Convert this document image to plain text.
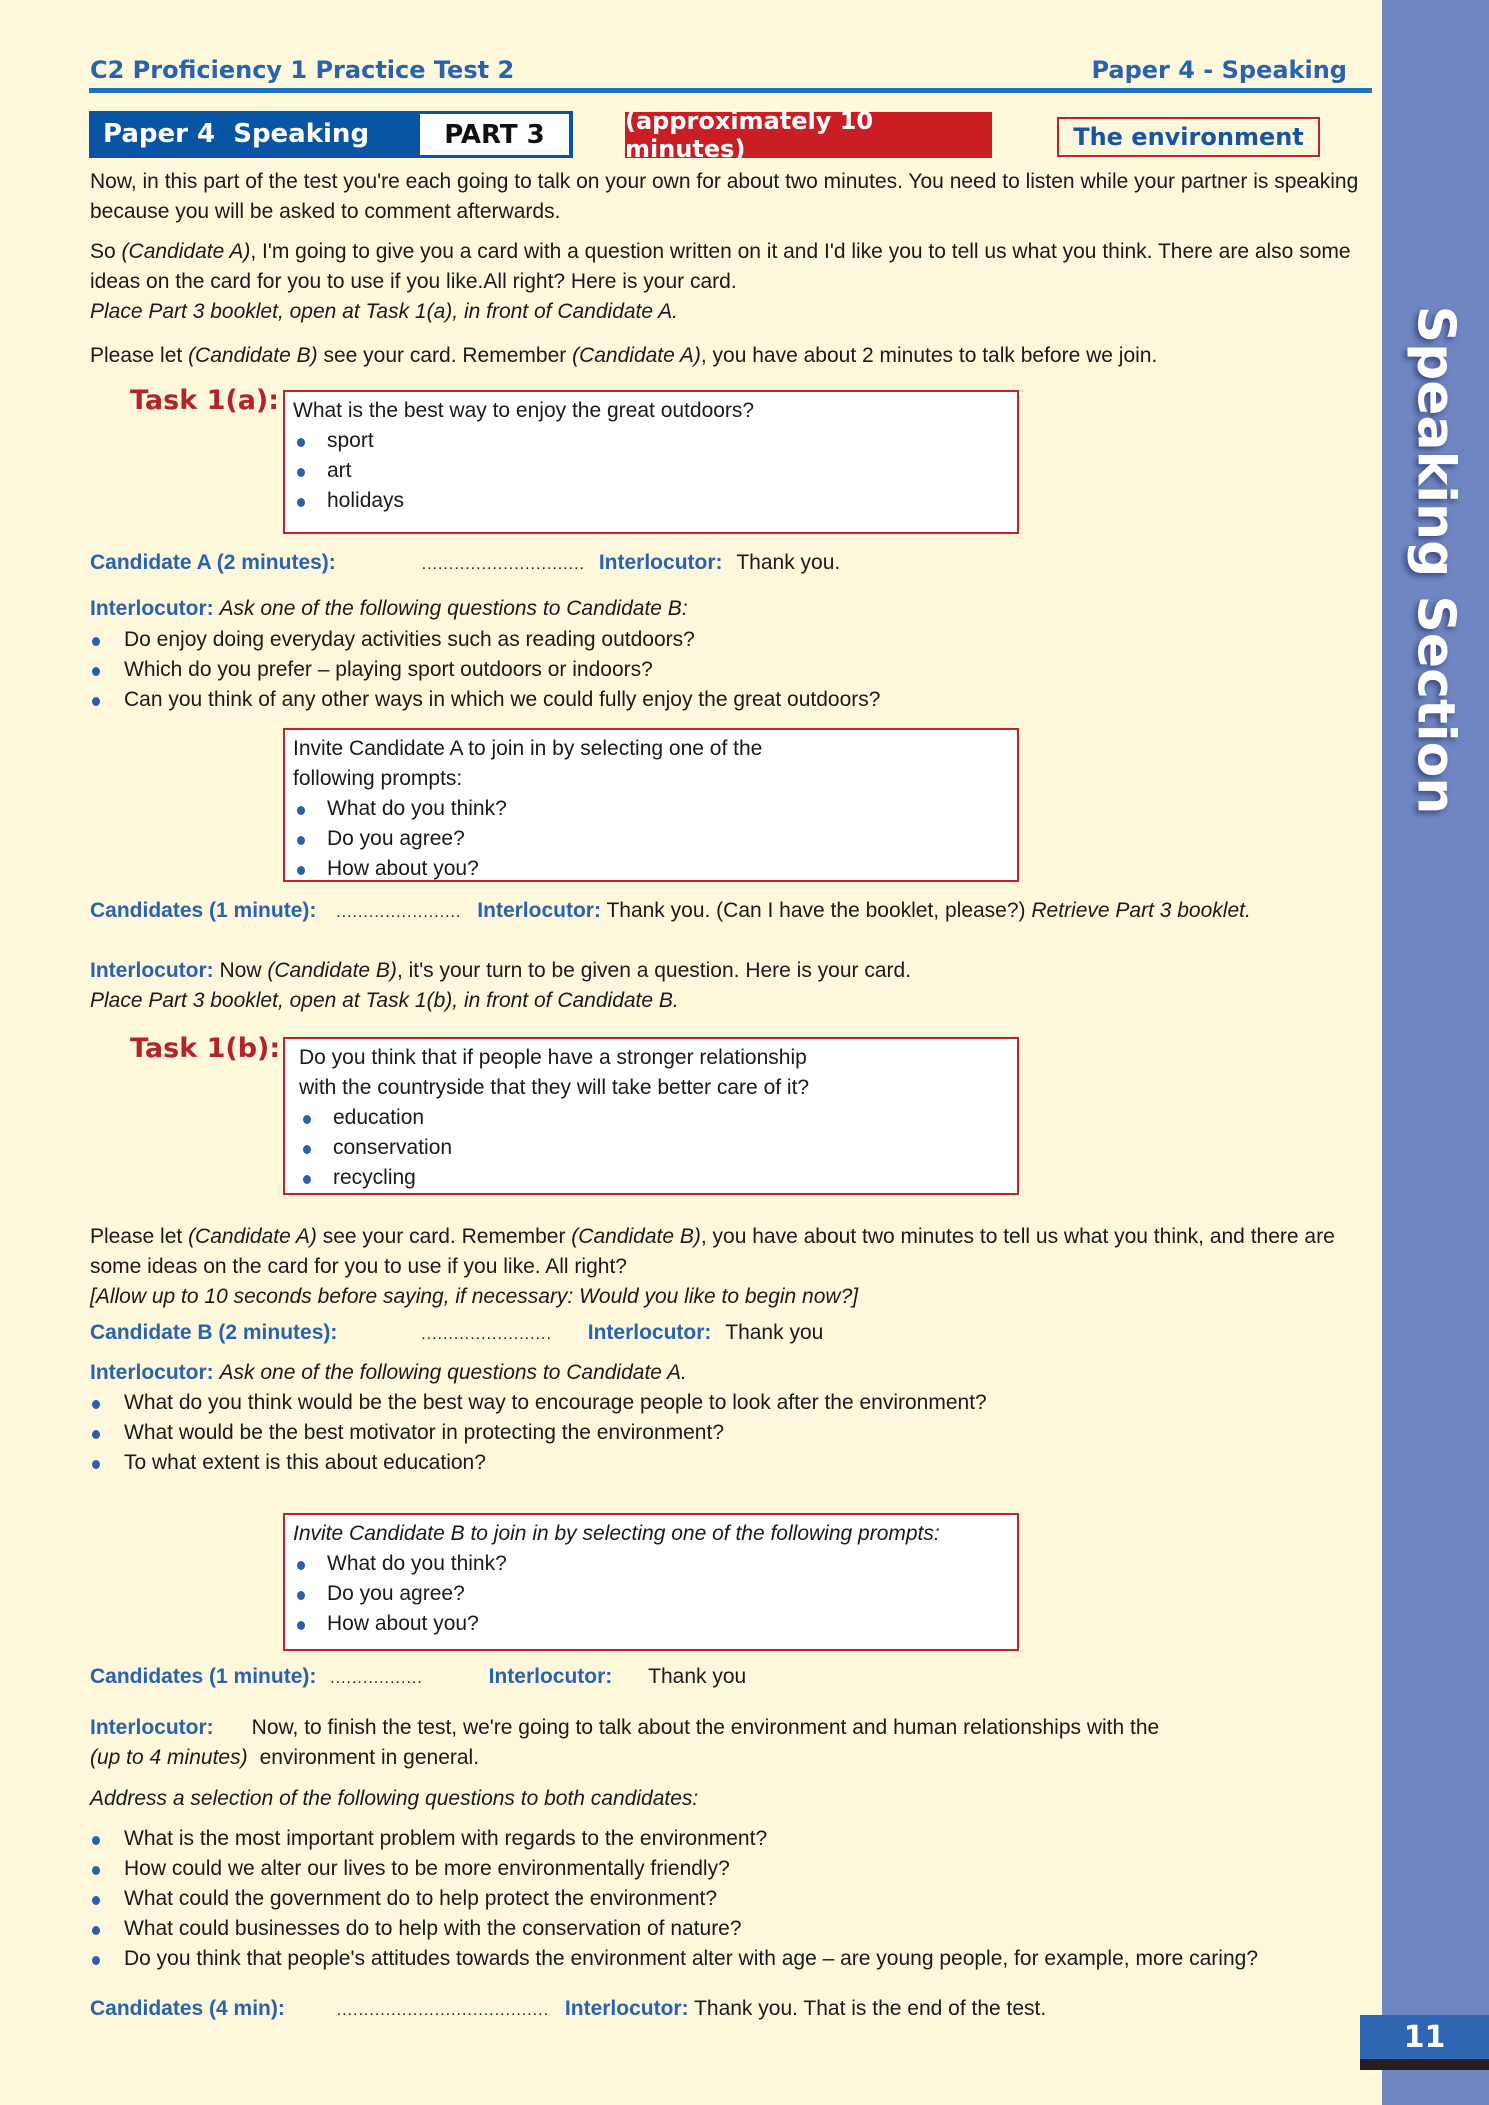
C2 Proficiency 1 Practice Test 2	Paper 4 - Speaking
Speaking Section
11
Paper 4  Speaking	PART 3	(approximately 10 minutes)	The environment
Now, in this part of the test you're each going to talk on your own for about two minutes. You need to listen while your partner is speaking because you will be asked to comment afterwards.
So (Candidate A), I'm going to give you a card with a question written on it and I'd like you to tell us what you think. There are also some ideas on the card for you to use if you like.All right? Here is your card.
Place Part 3 booklet, open at Task 1(a), in front of Candidate A.
Please let (Candidate B) see your card. Remember (Candidate A), you have about 2 minutes to talk before we join.
Task 1(a): What is the best way to enjoy the great outdoors?
sport
art
holidays
Candidate A (2 minutes):	.............................. Interlocutor: Thank you.
Interlocutor: Ask one of the following questions to Candidate B:
Do enjoy doing everyday activities such as reading outdoors?
Which do you prefer – playing sport outdoors or indoors?
Can you think of any other ways in which we could fully enjoy the great outdoors?
Invite Candidate A to join in by selecting one of the
following prompts:
What do you think?
Do you agree?
How about you?
Candidates (1 minute): ....................... Interlocutor: Thank you. (Can I have the booklet, please?) Retrieve Part 3 booklet.
Interlocutor: Now (Candidate B), it's your turn to be given a question. Here is your card.
Place Part 3 booklet, open at Task 1(b), in front of Candidate B.
Task 1(b): Do you think that if people have a stronger relationship
with the countryside that they will take better care of it?
education
conservation
recycling
Please let (Candidate A) see your card. Remember (Candidate B), you have about two minutes to tell us what you think, and there are some ideas on the card for you to use if you like. All right?
[Allow up to 10 seconds before saying, if necessary: Would you like to begin now?]
Candidate B (2 minutes):	........................ Interlocutor: Thank you
Interlocutor: Ask one of the following questions to Candidate A.
What do you think would be the best way to encourage people to look after the environment?
What would be the best motivator in protecting the environment?
To what extent is this about education?
Invite Candidate B to join in by selecting one of the following prompts:
What do you think?
Do you agree?
How about you?
Candidates (1 minute): .................	Interlocutor: Thank you
Interlocutor: Now, to finish the test, we're going to talk about the environment and human relationships with the
(up to 4 minutes) environment in general.
Address a selection of the following questions to both candidates:
What is the most important problem with regards to the environment?
How could we alter our lives to be more environmentally friendly?
What could the government do to help protect the environment?
What could businesses do to help with the conservation of nature?
Do you think that people's attitudes towards the environment alter with age – are young people, for example, more caring?
Candidates (4 min):	....................................... Interlocutor: Thank you. That is the end of the test.
